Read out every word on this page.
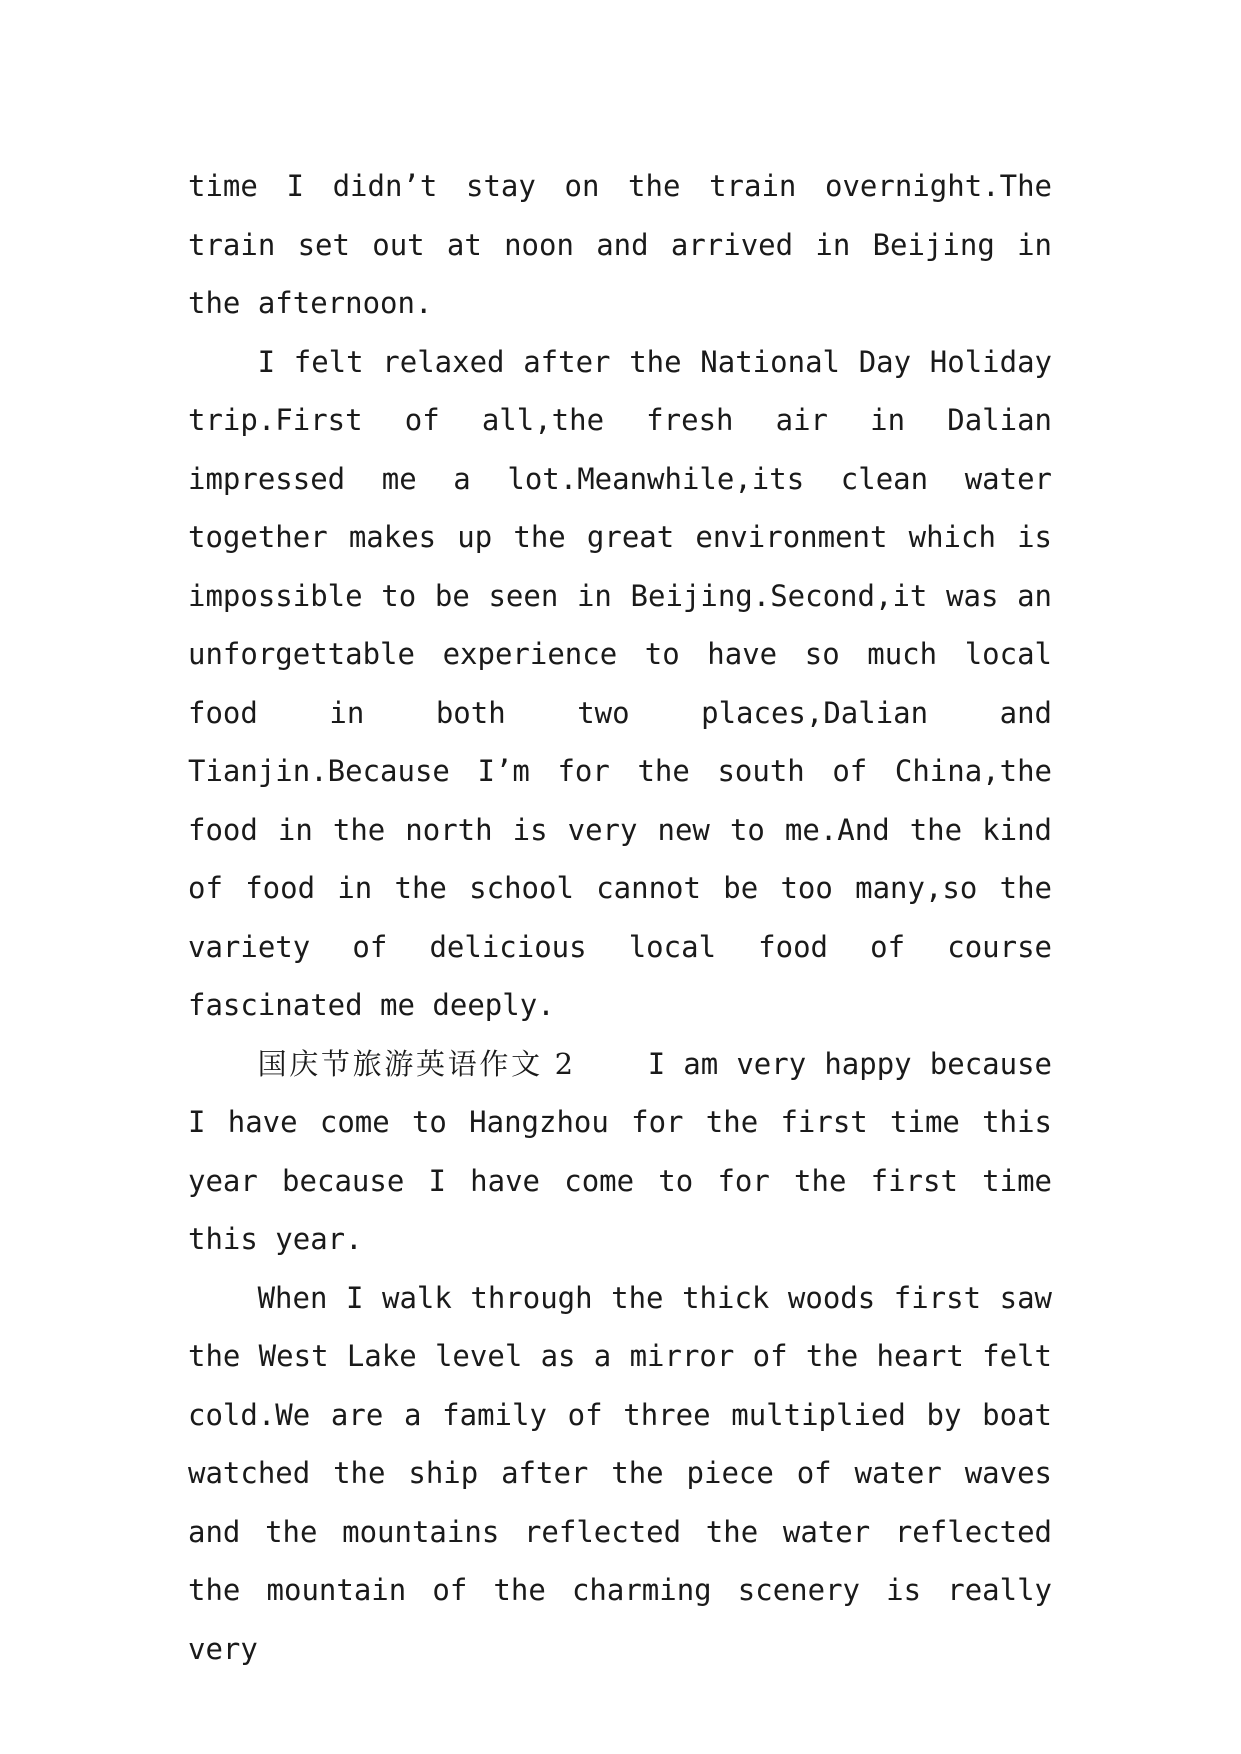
time I didn’t stay on the train overnight.The train set out at noon and arrived in Beijing in the afternoon.

I felt relaxed after the National Day Holiday trip.First of all,the fresh air in Dalian impressed me a lot.Meanwhile,its clean water together makes up the great environment which is impossible to be seen in Beijing.Second,it was an unforgettable experience to have so much local food in both two places,Dalian and Tianjin.Because I’m for the south of China,the food in the north is very new to me.And the kind of food in the school cannot be too many,so the variety of delicious local food of course fascinated me deeply.

国庆节旅游英语作文 2	I am very happy because I have come to Hangzhou for the first time this year because I have come to for the first time this year.

When I walk through the thick woods first saw the West Lake level as a mirror of the heart felt cold.We are a family of three multiplied by boat watched the ship after the piece of water waves and the mountains reflected the water reflected the mountain of the charming scenery is really very
